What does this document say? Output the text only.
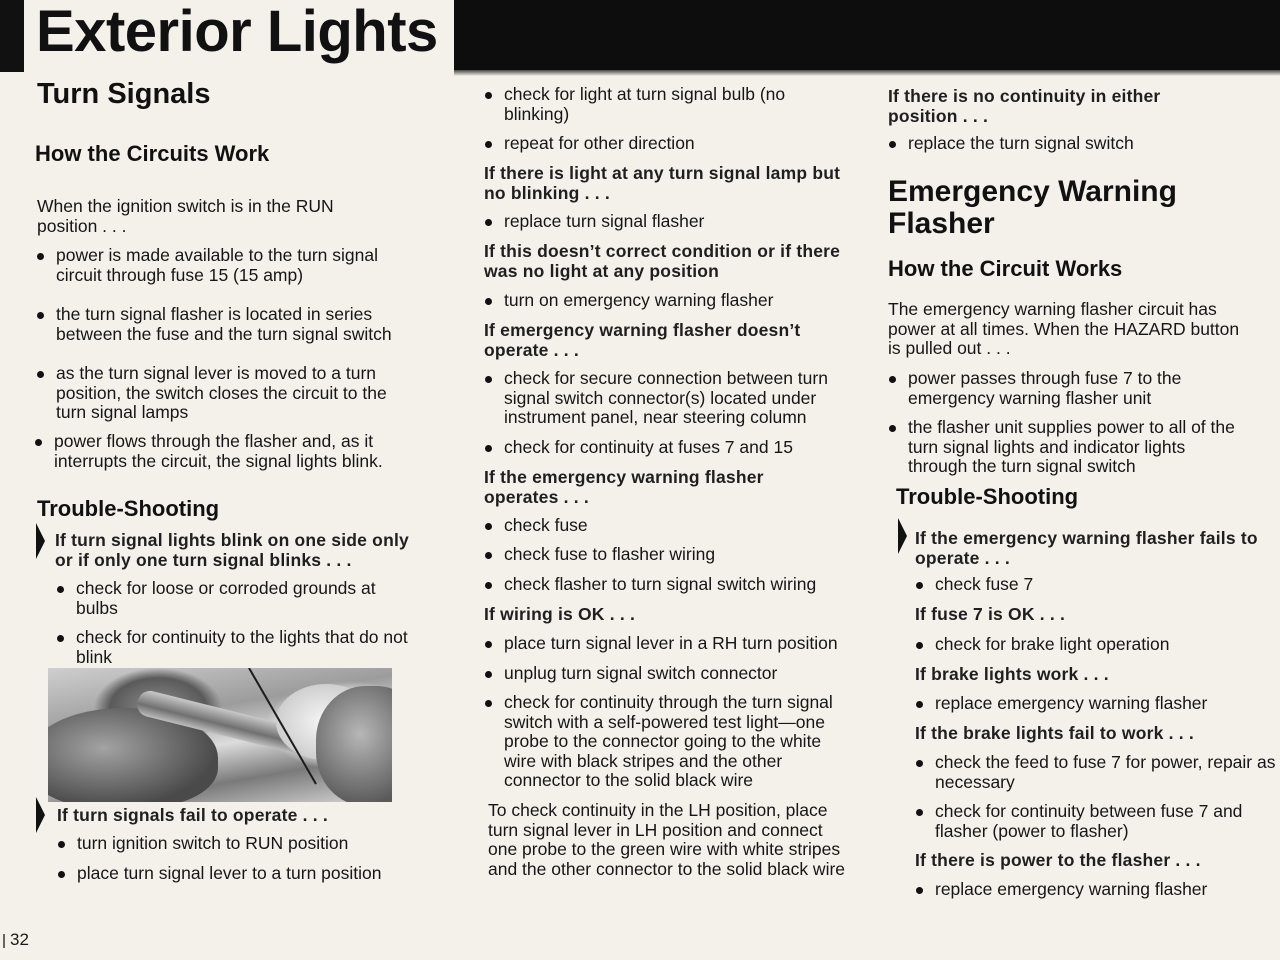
Exterior Lights
Turn Signals
How the Circuits Work
When the ignition switch is in the RUN
position . . .
power is made available to the turn signal
circuit through fuse 15 (15 amp)
the turn signal flasher is located in series
between the fuse and the turn signal switch
as the turn signal lever is moved to a turn
position, the switch closes the circuit to the
turn signal lamps
power flows through the flasher and, as it
interrupts the circuit, the signal lights blink.
Trouble-Shooting
If turn signal lights blink on one side only
or if only one turn signal blinks . . .
check for loose or corroded grounds at
bulbs
check for continuity to the lights that do not
blink
If turn signals fail to operate . . .
turn ignition switch to RUN position
place turn signal lever to a turn position
check for light at turn signal bulb (no
blinking)
repeat for other direction
If there is light at any turn signal lamp but
no blinking . . .
replace turn signal flasher
If this doesn’t correct condition or if there
was no light at any position
turn on emergency warning flasher
If emergency warning flasher doesn’t
operate . . .
check for secure connection between turn
signal switch connector(s) located under
instrument panel, near steering column
check for continuity at fuses 7 and 15
If the emergency warning flasher
operates . . .
check fuse
check fuse to flasher wiring
check flasher to turn signal switch wiring
If wiring is OK . . .
place turn signal lever in a RH turn position
unplug turn signal switch connector
check for continuity through the turn signal
switch with a self-powered test light—one
probe to the connector going to the white
wire with black stripes and the other
connector to the solid black wire
To check continuity in the LH position, place
turn signal lever in LH position and connect
one probe to the green wire with white stripes
and the other connector to the solid black wire
If there is no continuity in either
position . . .
replace the turn signal switch
Emergency Warning
Flasher
How the Circuit Works
The emergency warning flasher circuit has
power at all times. When the HAZARD button
is pulled out . . .
power passes through fuse 7 to the
emergency warning flasher unit
the flasher unit supplies power to all of the
turn signal lights and indicator lights
through the turn signal switch
Trouble-Shooting
If the emergency warning flasher fails to
operate . . .
check fuse 7
If fuse 7 is OK . . .
check for brake light operation
If brake lights work . . .
replace emergency warning flasher
If the brake lights fail to work . . .
check the feed to fuse 7 for power, repair as
necessary
check for continuity between fuse 7 and
flasher (power to flasher)
If there is power to the flasher . . .
replace emergency warning flasher
32
